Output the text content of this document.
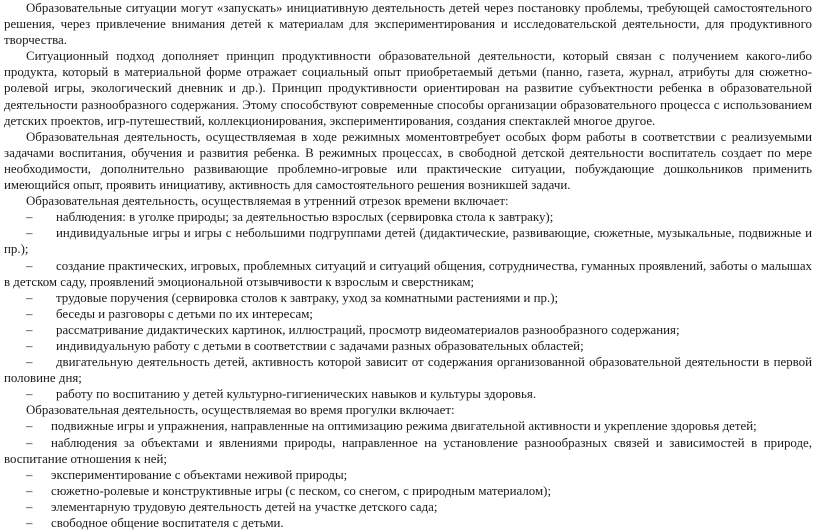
Образовательные ситуации могут «запускать» инициативную деятельность детей через постановку проблемы, требующей самостоятельного решения, через привлечение внимания детей к материалам для экспериментирования и исследовательской деятельности, для продуктивного творчества.

Ситуационный подход дополняет принцип продуктивности образовательной деятельности, который связан с получением какого-либо продукта, который в материальной форме отражает социальный опыт приобретаемый детьми (панно, газета, журнал, атрибуты для сюжетно-ролевой игры, экологический дневник и др.). Принцип продуктивности ориентирован на развитие субъектности ребенка в образовательной деятельности разнообразного содержания. Этому способствуют современные способы организации образовательного процесса с использованием детских проектов, игр-путешествий, коллекционирования, экспериментирования, создания спектаклей многое другое.

Образовательная деятельность, осуществляемая в ходе режимных моментовтребует особых форм работы в соответствии с реализуемыми задачами воспитания, обучения и развития ребенка. В режимных процессах, в свободной детской деятельности воспитатель создает по мере необходимости, дополнительно развивающие проблемно-игровые или практические ситуации, побуждающие дошкольников применить имеющийся опыт, проявить инициативу, активность для самостоятельного решения возникшей задачи.

Образовательная деятельность, осуществляемая в утренний отрезок времени включает:

– наблюдения: в уголке природы; за деятельностью взрослых (сервировка стола к завтраку);

– индивидуальные игры и игры с небольшими подгруппами детей (дидактические, развивающие, сюжетные, музыкальные, подвижные и пр.);

– создание практических, игровых, проблемных ситуаций и ситуаций общения, сотрудничества, гуманных проявлений, заботы о малышах в детском саду, проявлений эмоциональной отзывчивости к взрослым и сверстникам;

– трудовые поручения (сервировка столов к завтраку, уход за комнатными растениями и пр.);

– беседы и разговоры с детьми по их интересам;

– рассматривание дидактических картинок, иллюстраций, просмотр видеоматериалов разнообразного содержания;

– индивидуальную работу с детьми в соответствии с задачами разных образовательных областей;

– двигательную деятельность детей, активность которой зависит от содержания организованной образовательной деятельности в первой половине дня;

– работу по воспитанию у детей культурно-гигиенических навыков и культуры здоровья.

Образовательная деятельность, осуществляемая во время прогулки включает:

– подвижные игры и упражнения, направленные на оптимизацию режима двигательной активности и укрепление здоровья детей;

– наблюдения за объектами и явлениями природы, направленное на установление разнообразных связей и зависимостей в природе, воспитание отношения к ней;

– экспериментирование с объектами неживой природы;

– сюжетно-ролевые и конструктивные игры (с песком, со снегом, с природным материалом);

– элементарную трудовую деятельность детей на участке детского сада;

– свободное общение воспитателя с детьми.
